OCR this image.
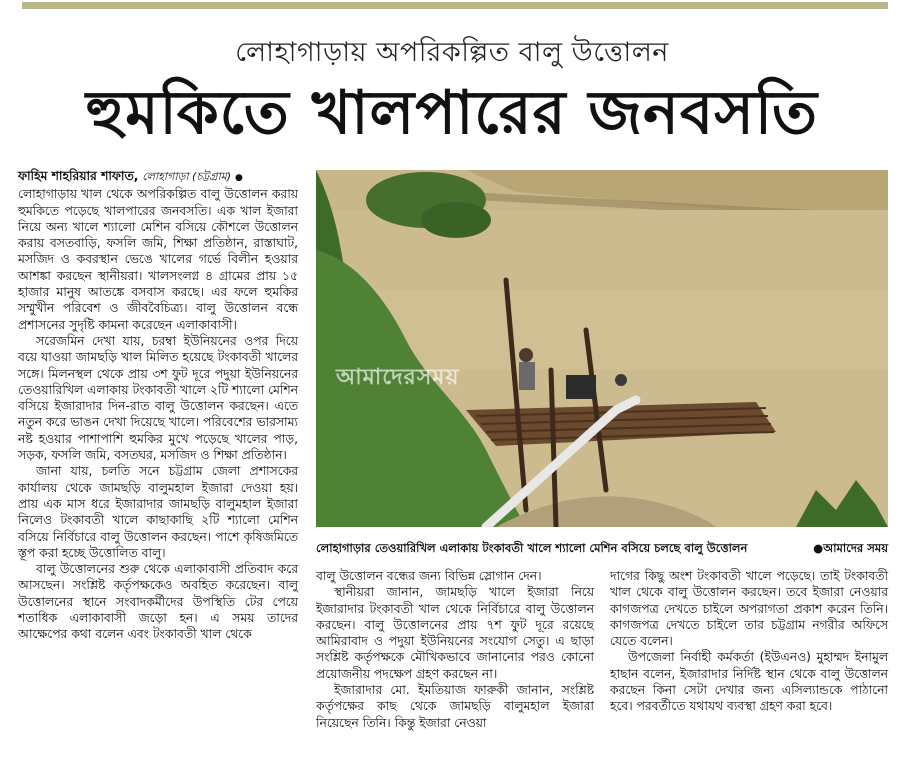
লোহাগাড়ায় অপরিকল্পিত বালু উত্তোলন
হুমকিতে খালপারের জনবসতি

ফাহিম শাহরিয়ার শাফাত, লোহাগাড়া (চট্টগ্রাম) ●

লোহাগাড়ায় খাল থেকে অপরিকল্পিত বালু উত্তোলন করায় হুমকিতে পড়েছে খালপারের জনবসতি। এক খাল ইজারা নিয়ে অন্য খালে শ্যালো মেশিন বসিয়ে কৌশলে উত্তোলন করায় বসতবাড়ি, ফসলি জমি, শিক্ষা প্রতিষ্ঠান, রাস্তাঘাট, মসজিদ ও কবরস্থান ভেঙে খালের গর্ভে বিলীন হওয়ার আশঙ্কা করছেন স্থানীয়রা। খালসংলগ্ন ৪ গ্রামের প্রায় ১৫ হাজার মানুষ আতঙ্কে বসবাস করছে। এর ফলে হুমকির সম্মুখীন পরিবেশ ও জীববৈচিত্র্য। বালু উত্তোলন বন্ধে প্রশাসনের সুদৃষ্টি কামনা করেছেন এলাকাবাসী।

সরেজমিন দেখা যায়, চরম্বা ইউনিয়নের ওপর দিয়ে বয়ে যাওয়া জামছড়ি খাল মিলিত হয়েছে টংকাবতী খালের সঙ্গে। মিলনস্থল থেকে প্রায় ৩শ ফুট দূরে পদুয়া ইউনিয়নের তেওয়ারিখিল এলাকায় টংকাবতী খালে ২টি শ্যালো মেশিন বসিয়ে ইজারাদার দিন-রাত বালু উত্তোলন করছেন। এতে নতুন করে ভাঙন দেখা দিয়েছে খালে। পরিবেশের ভারসাম্য নষ্ট হওয়ার পাশাপাশি হুমকির মুখে পড়েছে খালের পাড়, সড়ক, ফসলি জমি, বসতঘর, মসজিদ ও শিক্ষা প্রতিষ্ঠান।

জানা যায়, চলতি সনে চট্টগ্রাম জেলা প্রশাসকের কার্যালয় থেকে জামছড়ি বালুমহাল ইজারা দেওয়া হয়। প্রায় এক মাস ধরে ইজারাদার জামছড়ি বালুমহাল ইজারা নিলেও টংকাবতী খালে কাছাকাছি ২টি শ্যালো মেশিন বসিয়ে নির্বিচারে বালু উত্তোলন করছেন। পাশে কৃষিজমিতে স্তূপ করা হচ্ছে উত্তোলিত বালু।

বালু উত্তোলনের শুরু থেকে এলাকাবাসী প্রতিবাদ করে আসছেন। সংশ্লিষ্ট কর্তৃপক্ষকেও অবহিত করেছেন। বালু উত্তোলনের স্থানে সংবাদকর্মীদের উপস্থিতি টের পেয়ে শতাধিক এলাকাবাসী জড়ো হন। এ সময় তাদের আক্ষেপের কথা বলেন এবং টংকাবতী খাল থেকে

আমাদেরসময়
লোহাগাড়ার তেওয়ারিখিল এলাকায় টংকাবতী খালে শ্যালো মেশিন বসিয়ে চলছে বালু উত্তোলন	●আমাদের সময়

বালু উত্তোলন বন্ধের জন্য বিভিন্ন স্লোগান দেন।

স্থানীয়রা জানান, জামছড়ি খালে ইজারা নিয়ে ইজারাদার টংকাবতী খাল থেকে নির্বিচারে বালু উত্তোলন করছেন। বালু উত্তোলনের প্রায় ৭শ ফুট দূরে রয়েছে আমিরাবাদ ও পদুয়া ইউনিয়নের সংযোগ সেতু। এ ছাড়া সংশ্লিষ্ট কর্তৃপক্ষকে মৌখিকভাবে জানানোর পরও কোনো প্রয়োজনীয় পদক্ষেপ গ্রহণ করছেন না।

ইজারাদার মো. ইমতিয়াজ ফারুকী জানান, সংশ্লিষ্ট কর্তৃপক্ষের কাছ থেকে জামছড়ি বালুমহাল ইজারা নিয়েছেন তিনি। কিন্তু ইজারা নেওয়া

দাগের কিছু অংশ টংকাবতী খালে পড়েছে। তাই টংকাবতী খাল থেকে বালু উত্তোলন করছেন। তবে ইজারা নেওয়ার কাগজপত্র দেখতে চাইলে অপরাগতা প্রকাশ করেন তিনি। কাগজপত্র দেখতে চাইলে তার চট্টগ্রাম নগরীর অফিসে যেতে বলেন।

উপজেলা নির্বাহী কর্মকর্তা (ইউএনও) মুহাম্মদ ইনামুল হাছান বলেন, ইজারাদার নির্দিষ্ট স্থান থেকে বালু উত্তোলন করছেন কিনা সেটা দেখার জন্য এসিল্যান্ডকে পাঠানো হবে। পরবর্তীতে যথাযথ ব্যবস্থা গ্রহণ করা হবে।
